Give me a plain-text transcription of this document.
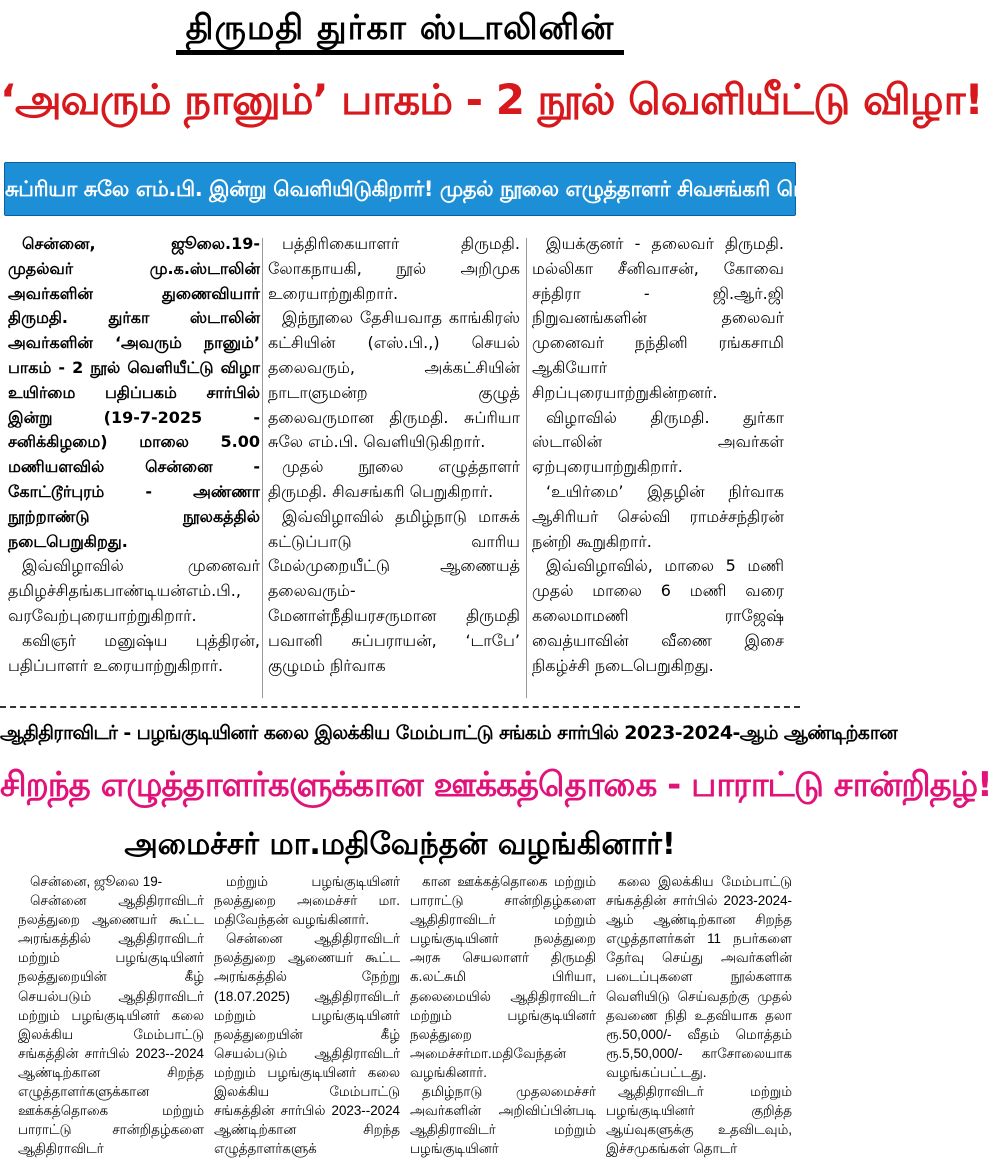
திருமதி துர்கா ஸ்டாலினின்
‘அவரும் நானும்’ பாகம் - 2 நூல் வெளியீட்டு விழா!
சுப்ரியா சுலே எம்.பி. இன்று வெளியிடுகிறார்! முதல் நூலை எழுத்தாளர் சிவசங்கரி பெறுகிறார்!

சென்னை, ஜூலை.19- முதல்வர் மு.க.ஸ்டாலின் அவர்களின் துணைவியார் திருமதி. துர்கா ஸ்டாலின் அவர்களின் ‘அவரும் நானும்’ பாகம் - 2 நூல் வெளியீட்டு விழா உயிர்மை பதிப்பகம் சார்பில் இன்று (19-7-2025 - சனிக்கிழமை) மாலை 5.00 மணியளவில் சென்னை - கோட்டூர்புரம் - அண்ணா நூற்றாண்டு நூலகத்தில் நடைபெறுகிறது.

இவ்விழாவில் முனைவர் தமிழச்சிதங்கபாண்டியன்எம்.பி., வரவேற்புரையாற்றுகிறார்.

கவிஞர் மனுஷ்ய புத்திரன், பதிப்பாளர் உரையாற்றுகிறார்.

பத்திரிகையாளர் திருமதி. லோகநாயகி, நூல் அறிமுக உரையாற்றுகிறார்.

இந்நூலை தேசியவாத காங்கிரஸ் கட்சியின் (எஸ்.பி.,) செயல் தலைவரும், அக்கட்சியின் நாடாளுமன்ற குழுத் தலைவருமான திருமதி. சுப்ரியா சுலே எம்.பி. வெளியிடுகிறார்.

முதல் நூலை எழுத்தாளர் திருமதி. சிவசங்கரி பெறுகிறார்.

இவ்விழாவில் தமிழ்நாடு மாசுக் கட்டுப்பாடு வாரிய மேல்முறையீட்டு ஆணையத் தலைவரும்-மேனாள்நீதியரசருமான திருமதி பவானி சுப்பராயன், ‘டாபே’ குழுமம் நிர்வாக

இயக்குனர் - தலைவர் திருமதி. மல்லிகா சீனிவாசன், கோவை சந்திரா - ஜி.ஆர்.ஜி நிறுவனங்களின் தலைவர் முனைவர் நந்தினி ரங்கசாமி ஆகியோர் சிறப்புரையாற்றுகின்றனர்.

விழாவில் திருமதி. துர்கா ஸ்டாலின் அவர்கள் ஏற்புரையாற்றுகிறார்.

‘உயிர்மை’ இதழின் நிர்வாக ஆசிரியர் செல்வி ராமச்சந்திரன் நன்றி கூறுகிறார்.

இவ்விழாவில், மாலை 5 மணி முதல் மாலை 6 மணி வரை கலைமாமணி ராஜேஷ் வைத்யாவின் வீணை இசை நிகழ்ச்சி நடைபெறுகிறது.

ஆதிதிராவிடர் - பழங்குடியினர் கலை இலக்கிய மேம்பாட்டு சங்கம் சார்பில் 2023-2024-ஆம் ஆண்டிற்கான
சிறந்த எழுத்தாளர்களுக்கான ஊக்கத்தொகை - பாராட்டு சான்றிதழ்!
அமைச்சர் மா.மதிவேந்தன் வழங்கினார்!

சென்னை, ஜூலை 19-

சென்னை ஆதிதிராவிடர் நலத்துறை ஆணையர் கூட்ட அரங்கத்தில் ஆதிதிராவிடர் மற்றும் பழங்குடியினர் நலத்துறையின் கீழ் செயல்படும் ஆதிதிராவிடர் மற்றும் பழங்குடியினர் கலை இலக்கிய மேம்பாட்டு சங்கத்தின் சார்பில் 2023--2024 ஆண்டிற்கான சிறந்த எழுத்தாளர்களுக்கான ஊக்கத்தொகை மற்றும் பாராட்டு சான்றிதழ்களை ஆதிதிராவிடர்

மற்றும் பழங்குடியினர் நலத்துறை அமைச்சர் மா. மதிவேந்தன் வழங்கினார்.

சென்னை ஆதிதிராவிடர் நலத்துறை ஆணையர் கூட்ட அரங்கத்தில் நேற்று (18.07.2025) ஆதிதிராவிடர் மற்றும் பழங்குடியினர் நலத்துறையின் கீழ் செயல்படும் ஆதிதிராவிடர் மற்றும் பழங்குடியினர் கலை இலக்கிய மேம்பாட்டு சங்கத்தின் சார்பில் 2023--2024 ஆண்டிற்கான சிறந்த எழுத்தாளர்களுக்

கான ஊக்கத்தொகை மற்றும் பாராட்டு சான்றிதழ்களை ஆதிதிராவிடர் மற்றும் பழங்குடியினர் நலத்துறை அரசு செயலாளர் திருமதி க.லட்சுமி பிரியா, தலைமையில் ஆதிதிராவிடர் மற்றும் பழங்குடியினர் நலத்துறை அமைச்சர்மா.மதிவேந்தன் வழங்கினார்.

தமிழ்நாடு முதலமைச்சர் அவர்களின் அறிவிப்பின்படி ஆதிதிராவிடர் மற்றும் பழங்குடியினர்

கலை இலக்கிய மேம்பாட்டு சங்கத்தின் சார்பில் 2023-2024-ஆம் ஆண்டிற்கான சிறந்த எழுத்தாளர்கள் 11 நபர்களை தேர்வு செய்து அவர்களின் படைப்புகளை நூல்களாக வெளியிடு செய்வதற்கு முதல் தவணை நிதி உதவியாக தலா ரூ.50,000/- வீதம் மொத்தம் ரூ.5,50,000/- காசோலையாக வழங்கப்பட்டது.

ஆதிதிராவிடர் மற்றும் பழங்குடியினர் குறித்த ஆய்வுகளுக்கு உதவிடவும், இச்சமுகங்கள் தொடர்
